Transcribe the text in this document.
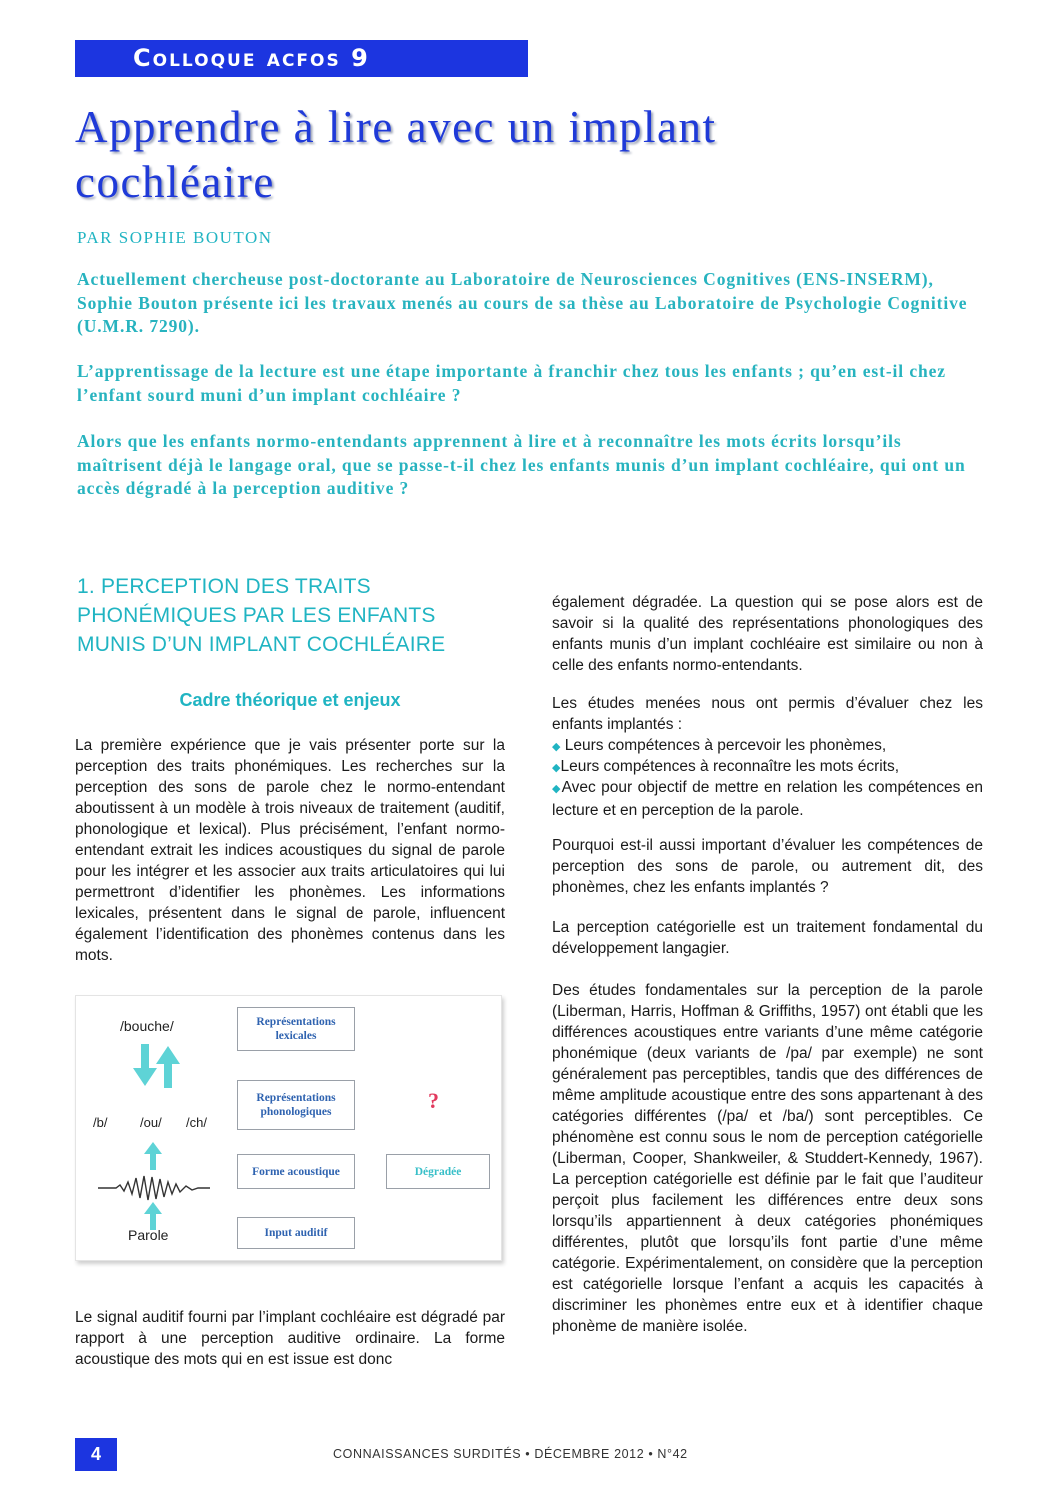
Colloque acfos 9
Apprendre à lire avec un implant
cochléaire
PAR SOPHIE BOUTON
Actuellement chercheuse post-doctorante au Laboratoire de Neurosciences Cognitives (ENS-INSERM), Sophie Bouton présente ici les travaux menés au cours de sa thèse au Laboratoire de Psychologie Cognitive (U.M.R. 7290).
L’apprentissage de la lecture est une étape importante à franchir chez tous les enfants ; qu’en est-il chez l’enfant sourd muni d’un implant cochléaire ?
Alors que les enfants normo-entendants apprennent à lire et à reconnaître les mots écrits lorsqu’ils maîtrisent déjà le langage oral, que se passe-t-il chez les enfants munis d’un implant cochléaire, qui ont un accès dégradé à la perception auditive ?
1. PERCEPTION DES TRAITS
PHONÉMIQUES PAR LES ENFANTS
MUNIS D’UN IMPLANT COCHLÉAIRE
Cadre théorique et enjeux
La première expérience que je vais présenter porte sur la perception des traits phonémiques. Les recherches sur la perception des sons de parole chez le normo-entendant aboutissent à un modèle à trois niveaux de traitement (auditif, phonologique et lexical). Plus précisément, l’enfant normo-entendant extrait les indices acoustiques du signal de parole pour les intégrer et les associer aux traits articulatoires qui lui permettront d’identifier les phonèmes. Les informations lexicales, présentent dans le signal de parole, influencent également l’identification des phonèmes contenus dans les mots.
/bouche/
/b/	/ou/ /ch/
Parole
Représentations lexicales
Représentations phonologiques
Forme acoustique
Input auditif
?
Dégradée
Le signal auditif fourni par l’implant cochléaire est dégradé par rapport à une perception auditive ordinaire. La forme acoustique des mots qui en est issue est donc
également dégradée. La question qui se pose alors est de savoir si la qualité des représentations phonologiques des enfants munis d’un implant cochléaire est similaire ou non à celle des enfants normo-entendants.
Les études menées nous ont permis d’évaluer chez les enfants implantés :
◆ Leurs compétences à percevoir les phonèmes,
◆Leurs compétences à reconnaître les mots écrits,
◆Avec pour objectif de mettre en relation les compétences en lecture et en perception de la parole.
Pourquoi est-il aussi important d’évaluer les compétences de perception des sons de parole, ou autrement dit, des phonèmes, chez les enfants implantés ?
La perception catégorielle est un traitement fondamental du développement langagier.
Des études fondamentales sur la perception de la parole (Liberman, Harris, Hoffman & Griffiths, 1957) ont établi que les différences acoustiques entre variants d’une même catégorie phonémique (deux variants de /pa/ par exemple) ne sont généralement pas perceptibles, tandis que des différences de même amplitude acoustique entre des sons appartenant à des catégories différentes (/pa/ et /ba/) sont perceptibles. Ce phénomène est connu sous le nom de perception catégorielle (Liberman, Cooper, Shankweiler, & Studdert-Kennedy, 1967). La perception catégorielle est définie par le fait que l’auditeur perçoit plus facilement les différences entre deux sons lorsqu’ils appartiennent à deux catégories phonémiques différentes, plutôt que lorsqu’ils font partie d’une même catégorie. Expérimentalement, on considère que la perception est catégorielle lorsque l’enfant a acquis les capacités à discriminer les phonèmes entre eux et à identifier chaque phonème de manière isolée.
4	CONNAISSANCES SURDITÉS • DÉCEMBRE 2012 • N°42
